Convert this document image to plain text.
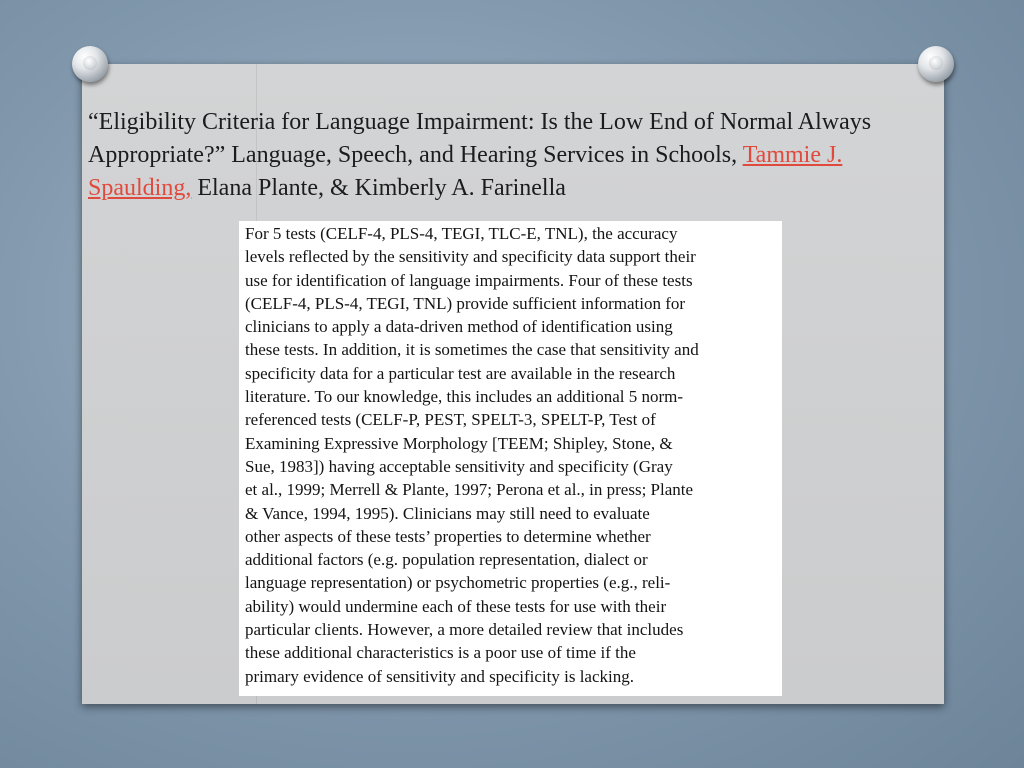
“Eligibility Criteria for Language Impairment: Is the Low End of Normal Always Appropriate?” Language, Speech, and Hearing Services in Schools, Tammie J. Spaulding, Elana Plante, & Kimberly A. Farinella

For 5 tests (CELF-4, PLS-4, TEGI, TLC-E, TNL), the accuracy
levels reflected by the sensitivity and specificity data support their
use for identification of language impairments. Four of these tests
(CELF-4, PLS-4, TEGI, TNL) provide sufficient information for
clinicians to apply a data-driven method of identification using
these tests. In addition, it is sometimes the case that sensitivity and
specificity data for a particular test are available in the research
literature. To our knowledge, this includes an additional 5 norm-
referenced tests (CELF-P, PEST, SPELT-3, SPELT-P, Test of
Examining Expressive Morphology [TEEM; Shipley, Stone, &
Sue, 1983]) having acceptable sensitivity and specificity (Gray
et al., 1999; Merrell & Plante, 1997; Perona et al., in press; Plante
& Vance, 1994, 1995). Clinicians may still need to evaluate
other aspects of these tests’ properties to determine whether
additional factors (e.g. population representation, dialect or
language representation) or psychometric properties (e.g., reli-
ability) would undermine each of these tests for use with their
particular clients. However, a more detailed review that includes
these additional characteristics is a poor use of time if the
primary evidence of sensitivity and specificity is lacking.
